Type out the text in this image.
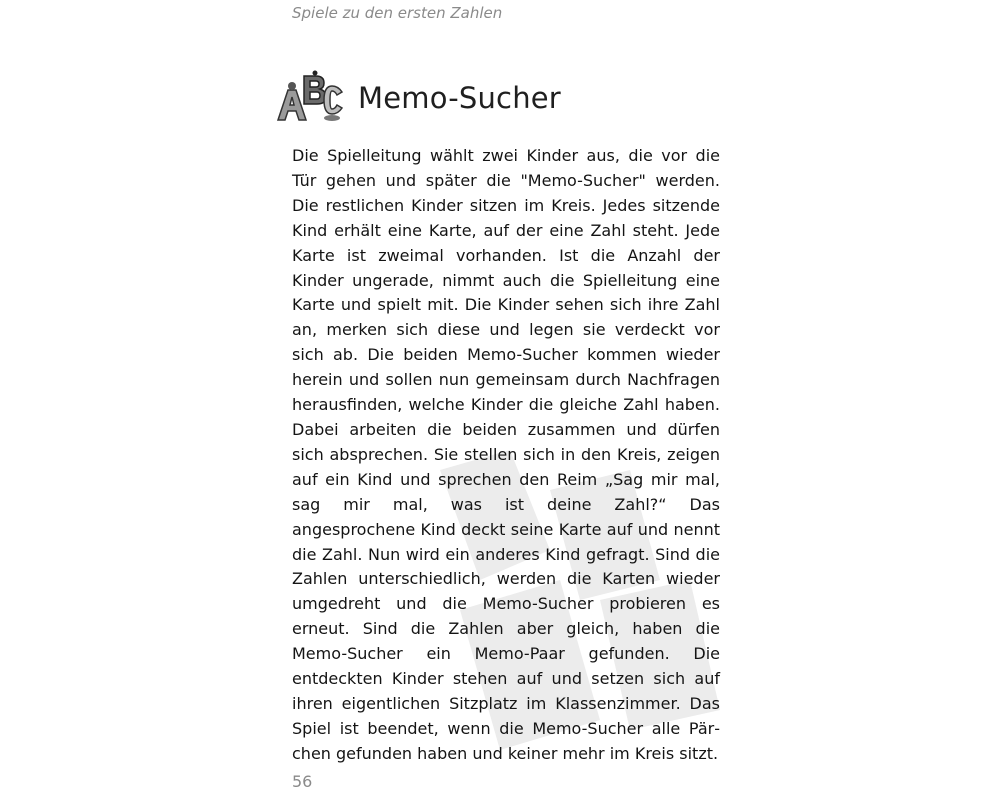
Spiele zu den ersten Zahlen
Memo-Sucher

Die Spielleitung wählt zwei Kinder aus, die vor die Tür gehen und später die "Memo-Sucher" werden. Die restlichen Kinder sitzen im Kreis. Jedes sitzende Kind erhält eine Karte, auf der eine Zahl steht. Jede Karte ist zweimal vorhanden. Ist die Anzahl der Kinder ungerade, nimmt auch die Spielleitung eine Karte und spielt mit. Die Kinder sehen sich ihre Zahl an, merken sich diese und legen sie verdeckt vor sich ab. Die beiden Memo-Sucher kommen wieder herein und sollen nun gemeinsam durch Nachfragen herausfinden, welche Kinder die gleiche Zahl haben. Dabei arbeiten die beiden zusammen und dürfen sich absprechen. Sie stellen sich in den Kreis, zeigen auf ein Kind und sprechen den Reim „Sag mir mal, sag mir mal, was ist deine Zahl?“ Das angesprochene Kind deckt seine Karte auf und nennt die Zahl. Nun wird ein anderes Kind gefragt. Sind die Zahlen unterschiedlich, werden die Karten wieder umgedreht und die Memo-Sucher probieren es erneut. Sind die Zahlen aber gleich, haben die Memo-Sucher ein Memo-Paar gefunden. Die entdeckten Kinder stehen auf und setzen sich auf ihren eigentlichen Sitzplatz im Klassenzimmer. Das Spiel ist beendet, wenn die Memo-Sucher alle Pärchen gefunden haben und keiner mehr im Kreis sitzt.

56
